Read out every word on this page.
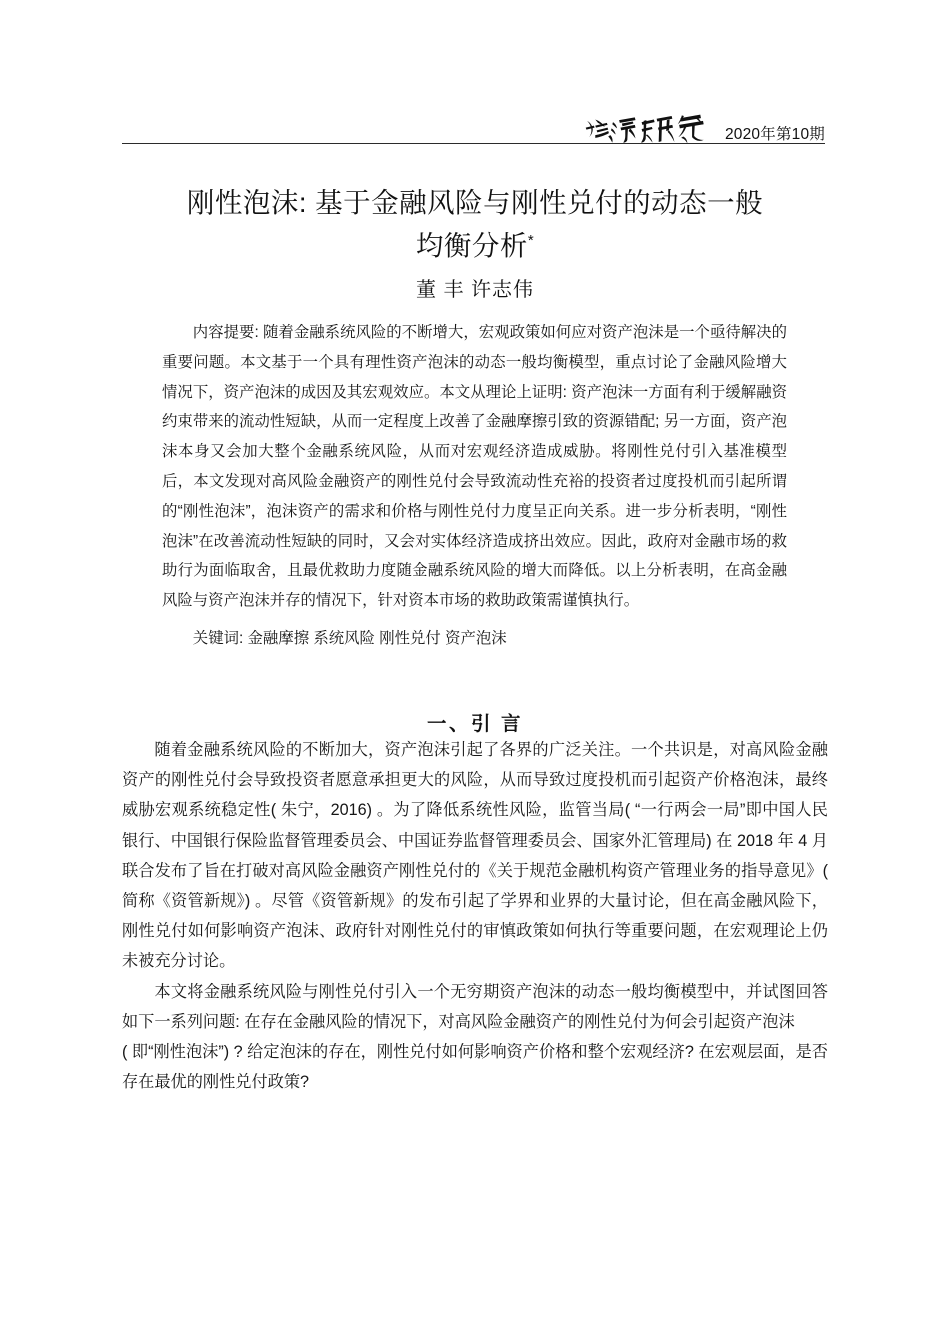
2020年第10期
刚性泡沫: 基于金融风险与刚性兑付的动态一般
均衡分析*
董 丰 许志伟
内容提要: 随着金融系统风险的不断增大，宏观政策如何应对资产泡沫是一个亟待解决的重要问题。本文基于一个具有理性资产泡沫的动态一般均衡模型，重点讨论了金融风险增大情况下，资产泡沫的成因及其宏观效应。本文从理论上证明: 资产泡沫一方面有利于缓解融资约束带来的流动性短缺，从而一定程度上改善了金融摩擦引致的资源错配; 另一方面，资产泡沫本身又会加大整个金融系统风险，从而对宏观经济造成威胁。将刚性兑付引入基准模型后，本文发现对高风险金融资产的刚性兑付会导致流动性充裕的投资者过度投机而引起所谓的“刚性泡沫”，泡沫资产的需求和价格与刚性兑付力度呈正向关系。进一步分析表明，“刚性泡沫”在改善流动性短缺的同时，又会对实体经济造成挤出效应。因此，政府对金融市场的救助行为面临取舍，且最优救助力度随金融系统风险的增大而降低。以上分析表明，在高金融风险与资产泡沫并存的情况下，针对资本市场的救助政策需谨慎执行。
关键词: 金融摩擦 系统风险 刚性兑付 资产泡沫
一、引 言

随着金融系统风险的不断加大，资产泡沫引起了各界的广泛关注。一个共识是，对高风险金融资产的刚性兑付会导致投资者愿意承担更大的风险，从而导致过度投机而引起资产价格泡沫，最终威胁宏观系统稳定性( 朱宁，2016) 。为了降低系统性风险，监管当局( “一行两会一局”即中国人民银行、中国银行保险监督管理委员会、中国证券监督管理委员会、国家外汇管理局) 在 2018 年 4 月联合发布了旨在打破对高风险金融资产刚性兑付的《关于规范金融机构资产管理业务的指导意见》( 简称《资管新规》) 。尽管《资管新规》的发布引起了学界和业界的大量讨论，但在高金融风险下，刚性兑付如何影响资产泡沫、政府针对刚性兑付的审慎政策如何执行等重要问题，在宏观理论上仍未被充分讨论。

本文将金融系统风险与刚性兑付引入一个无穷期资产泡沫的动态一般均衡模型中，并试图回答如下一系列问题: 在存在金融风险的情况下，对高风险金融资产的刚性兑付为何会引起资产泡沫

( 即“刚性泡沫”) ? 给定泡沫的存在，刚性兑付如何影响资产价格和整个宏观经济? 在宏观层面，是否存在最优的刚性兑付政策?
